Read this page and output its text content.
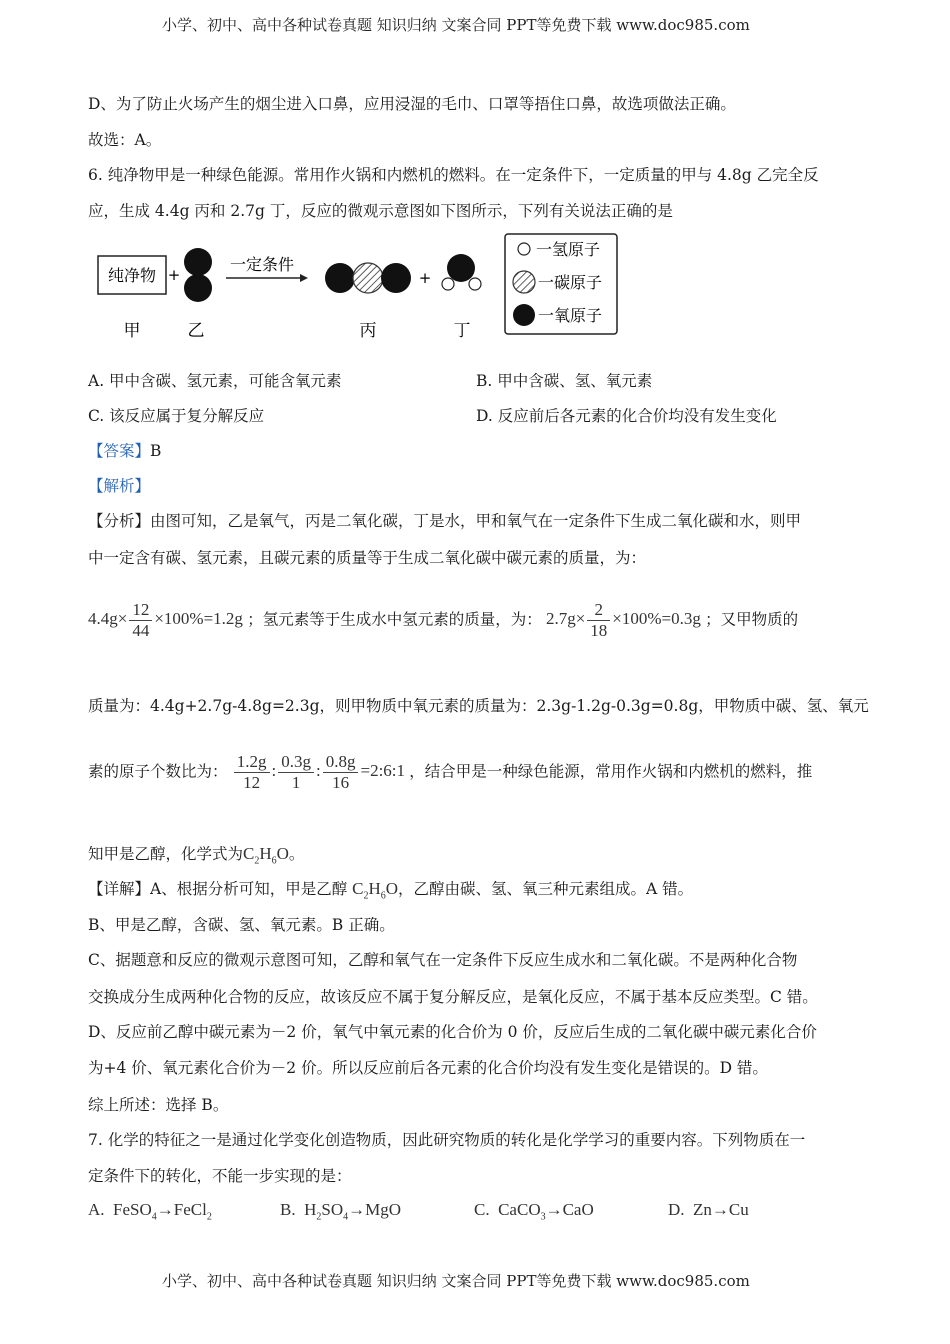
小学、初中、高中各种试卷真题 知识归纳 文案合同 PPT等免费下载 www.doc985.com
D、为了防止火场产生的烟尘进入口鼻，应用浸湿的毛巾、口罩等捂住口鼻，故选项做法正确。
故选：A。
6. 纯净物甲是一种绿色能源。常用作火锅和内燃机的燃料。在一定条件下，一定质量的甲与 4.8g 乙完全反
应，生成 4.4g 丙和 2.7g 丁，反应的微观示意图如下图所示，下列有关说法正确的是
纯净物 +
一定条件
+
甲	乙	丙	丁
一氢原子
一碳原子
一氧原子
A. 甲中含碳、氢元素，可能含氧元素	B. 甲中含碳、氢、氧元素
C. 该反应属于复分解反应	D. 反应前后各元素的化合价均没有发生变化
【答案】B
【解析】
【分析】由图可知，乙是氧气，丙是二氧化碳，丁是水，甲和氧气在一定条件下生成二氧化碳和水，则甲
中一定含有碳、氢元素，且碳元素的质量等于生成二氧化碳中碳元素的质量，为：
$4.4g\times \frac{12}{44} \times 100\%=1.2g$ ；氢元素等于生成水中氢元素的质量，为： $2.7g\times \frac{2}{18} \times 100\%=0.3g$ ；又甲物质的
质量为：4.4g+2.7g-4.8g=2.3g，则甲物质中氧元素的质量为：2.3g-1.2g-0.3g=0.8g，甲物质中碳、氢、氧元
素的原子个数比为： $\frac{1.2g}{12}$ : $\frac{0.3g}{1}$ : $\frac{0.8g}{16}$ =2:6:1 ，结合甲是一种绿色能源，常用作火锅和内燃机的燃料，推
知甲是乙醇，化学式为$C_2H_6O$。
【详解】A、根据分析可知，甲是乙醇 $C_2H_6O$，乙醇由碳、氢、氧三种元素组成。A 错。
B、甲是乙醇，含碳、氢、氧元素。B 正确。
C、据题意和反应的微观示意图可知，乙醇和氧气在一定条件下反应生成水和二氧化碳。不是两种化合物
交换成分生成两种化合物的反应，故该反应不属于复分解反应，是氧化反应，不属于基本反应类型。C 错。
D、反应前乙醇中碳元素为－2 价，氧气中氧元素的化合价为 0 价，反应后生成的二氧化碳中碳元素化合价
为+4 价、氧元素化合价为－2 价。所以反应前后各元素的化合价均没有发生变化是错误的。D 错。
综上所述：选择 B。
7. 化学的特征之一是通过化学变化创造物质，因此研究物质的转化是化学学习的重要内容。下列物质在一
定条件下的转化，不能一步实现的是：
A. FeSO$_4$→FeCl$_2$	B. $H_2SO_4\to MgO$	C. CaCO$_3$→CaO	D. Zn→Cu
小学、初中、高中各种试卷真题 知识归纳 文案合同 PPT等免费下载 www.doc985.com
